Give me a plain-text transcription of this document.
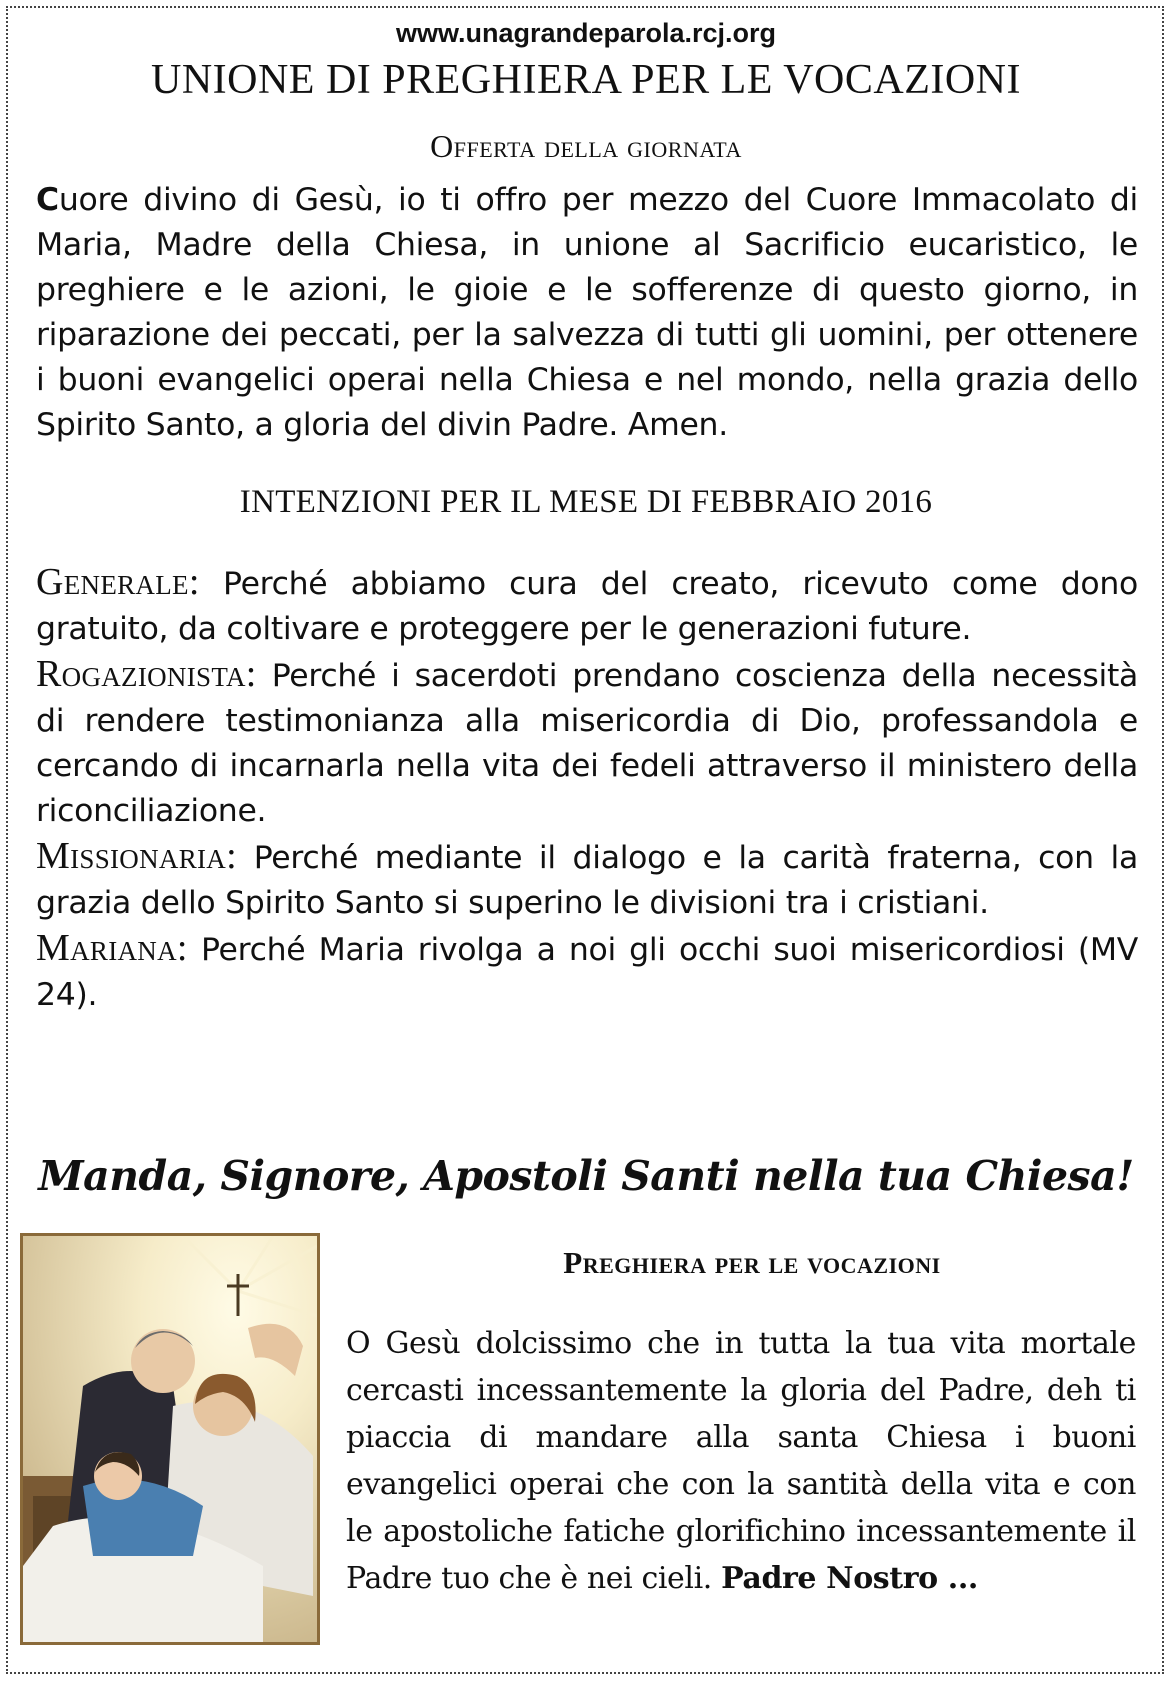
www.unagrandeparola.rcj.org
UNIONE DI PREGHIERA PER LE VOCAZIONI
Offerta della giornata
Cuore divino di Gesù, io ti offro per mezzo del Cuore Immacolato di Maria, Madre della Chiesa, in unione al Sacrificio eucaristico, le preghiere e le azioni, le gioie e le sofferenze di questo giorno, in riparazione dei peccati, per la salvezza di tutti gli uomini, per ottenere i buoni evangelici operai nella Chiesa e nel mondo, nella grazia dello Spirito Santo, a gloria del divin Padre. Amen.
INTENZIONI PER IL MESE DI FEBBRAIO 2016

Generale: Perché abbiamo cura del creato, ricevuto come dono gratuito, da coltivare e proteggere per le generazioni future.

Rogazionista: Perché i sacerdoti prendano coscienza della necessità di rendere testimonianza alla misericordia di Dio, professandola e cercando di incarnarla nella vita dei fedeli attraverso il ministero della riconciliazione.

Missionaria: Perché mediante il dialogo e la carità fraterna, con la grazia dello Spirito Santo si superino le divisioni tra i cristiani.

Mariana: Perché Maria rivolga a noi gli occhi suoi misericordiosi (MV 24).

Manda, Signore, Apostoli Santi nella tua Chiesa!
Preghiera per le vocazioni
O Gesù dolcissimo che in tutta la tua vita mortale cercasti incessantemente la gloria del Padre, deh ti piaccia di mandare alla santa Chiesa i buoni evangelici operai che con la santità della vita e con le apostoliche fatiche glorifichino incessantemente il Padre tuo che è nei cieli. Padre Nostro ...
